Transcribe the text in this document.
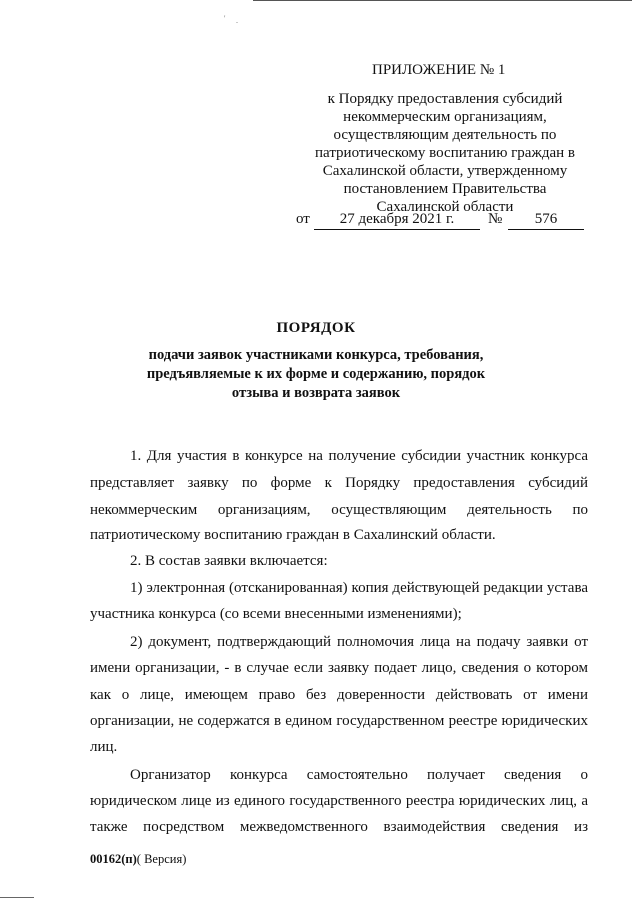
' .
ПРИЛОЖЕНИЕ № 1
к Порядку предоставления субсидий
некоммерческим организациям,
осуществляющим деятельность по
патриотическому воспитанию граждан в
Сахалинской области, утвержденному
постановлением Правительства
Сахалинской области
от	27 декабря 2021 г.	№	576
ПОРЯДОК
подачи заявок участниками конкурса, требования,
предъявляемые к их форме и содержанию, порядок
отзыва и возврата заявок
1. Для участия в конкурсе на получение субсидии участник конкурса
представляет заявку по форме к Порядку предоставления субсидий
некоммерческим организациям, осуществляющим деятельность по
патриотическому воспитанию граждан в Сахалинский области.
2. В состав заявки включается:
1) электронная (отсканированная) копия действующей редакции устава
участника конкурса (со всеми внесенными изменениями);
2) документ, подтверждающий полномочия лица на подачу заявки от
имени организации, - в случае если заявку подает лицо, сведения о котором
как о лице, имеющем право без доверенности действовать от имени
организации, не содержатся в едином государственном реестре юридических
лиц.
Организатор конкурса самостоятельно получает сведения о
юридическом лице из единого государственного реестра юридических лиц, а
также посредством межведомственного взаимодействия сведения из
00162(п)( Версия)
